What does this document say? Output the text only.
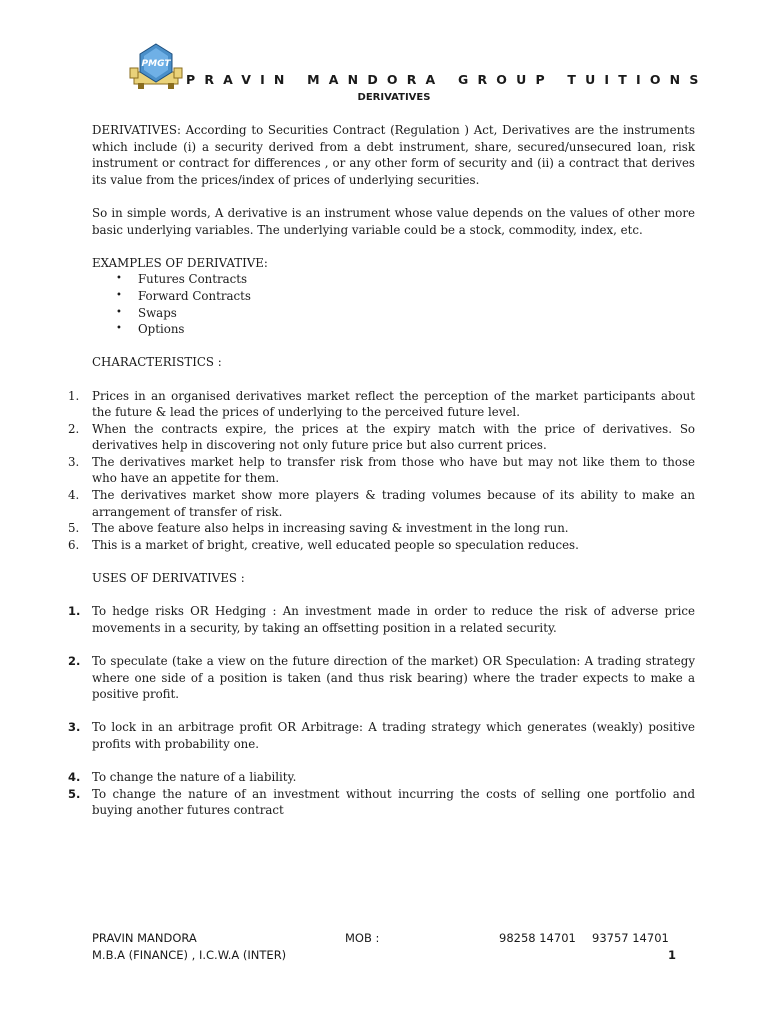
PMGT
PRAVIN MANDORA GROUP TUITIONS
DERIVATIVES

DERIVATIVES: According to Securities Contract (Regulation ) Act, Derivatives are the instruments which include (i) a security derived from a debt instrument, share, secured/unsecured loan, risk instrument or contract for differences , or any other form of security and (ii) a contract that derives its value from the prices/index of prices of underlying securities.

So in simple words, A derivative is an instrument whose value depends on the values of other more basic underlying variables. The underlying variable could be a stock, commodity, index, etc.

EXAMPLES OF DERIVATIVE:

• Futures Contracts
• Forward Contracts
• Swaps
• Options

CHARACTERISTICS :

1. Prices in an organised derivatives market reflect the perception of the market participants about the future & lead the prices of underlying to the perceived future level.
2. When the contracts expire, the prices at the expiry match with the price of derivatives. So derivatives help in discovering not only future price but also current prices.
3. The derivatives market help to transfer risk from those who have but may not like them to those who have an appetite for them.
4. The derivatives market show more players & trading volumes because of its ability to make an arrangement of transfer of risk.
5. The above feature also helps in increasing saving & investment in the long run.
6. This is a market of bright, creative, well educated people so speculation reduces.

USES OF DERIVATIVES :

1. To hedge risks OR Hedging : An investment made in order to reduce the risk of adverse price movements in a security, by taking an offsetting position in a related security.
2. To speculate (take a view on the future direction of the market) OR Speculation: A trading strategy where one side of a position is taken (and thus risk bearing) where the trader expects to make a positive profit.
3. To lock in an arbitrage profit OR Arbitrage: A trading strategy which generates (weakly) positive profits with probability one.
4. To change the nature of a liability.
5. To change the nature of an investment without incurring the costs of selling one portfolio and buying another futures contract
PRAVIN MANDORA
M.B.A (FINANCE) , I.C.W.A (INTER)
MOB :	98258 14701 93757 14701
1
